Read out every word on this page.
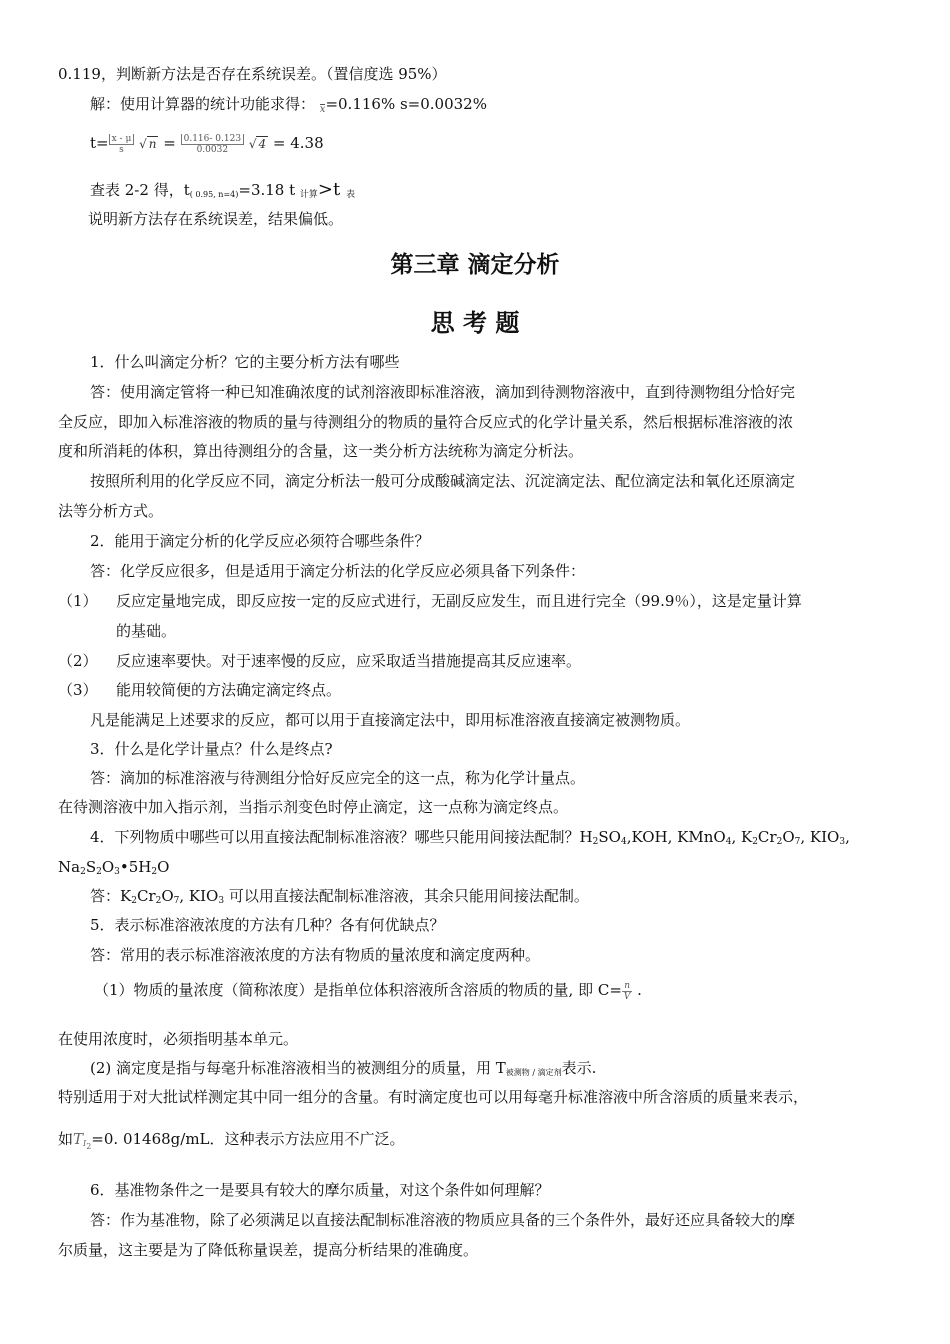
0.119，判断新方法是否存在系统误差。（置信度选 95%）
解：使用计算器的统计功能求得： x=0.116% s=0.0032%
$t= \frac{x - \mu}{s}$ √ $n = \frac{0.116- 0.123}{0.0032}$ √ 4 = 4.38
查表 2-2 得，$t_{( 0.95, n=4)}=3.18$ t $_{计算}$>t $_表$
说明新方法存在系统误差，结果偏低。
第三章 滴定分析
思 考 题
1．什么叫滴定分析？它的主要分析方法有哪些
答：使用滴定管将一种已知准确浓度的试剂溶液即标准溶液，滴加到待测物溶液中，直到待测物组分恰好完
全反应，即加入标准溶液的物质的量与待测组分的物质的量符合反应式的化学计量关系，然后根据标准溶液的浓
度和所消耗的体积，算出待测组分的含量，这一类分析方法统称为滴定分析法。
按照所利用的化学反应不同，滴定分析法一般可分成酸碱滴定法、沉淀滴定法、配位滴定法和氧化还原滴定
法等分析方式。
2．能用于滴定分析的化学反应必须符合哪些条件？
答：化学反应很多，但是适用于滴定分析法的化学反应必须具备下列条件：
（1） 反应定量地完成，即反应按一定的反应式进行，无副反应发生，而且进行完全（99.9％），这是定量计算
的基础。
（2） 反应速率要快。对于速率慢的反应，应采取适当措施提高其反应速率。
（3） 能用较简便的方法确定滴定终点。
凡是能满足上述要求的反应，都可以用于直接滴定法中，即用标准溶液直接滴定被测物质。
3．什么是化学计量点？什么是终点?
答：滴加的标准溶液与待测组分恰好反应完全的这一点，称为化学计量点。
在待测溶液中加入指示剂，当指示剂变色时停止滴定，这一点称为滴定终点。
4．下列物质中哪些可以用直接法配制标准溶液？哪些只能用间接法配制？$H_2SO_4,KOH$, KMnO$_4$, $K_2Cr_2O_7$, $KIO_3$,
$Na_2S_2O_3•5H_2O$
答：$K_2Cr_2O_7$, $KIO_3$ 可以用直接法配制标准溶液，其余只能用间接法配制。
5．表示标准溶液浓度的方法有几种？各有何优缺点？
答：常用的表示标准溶液浓度的方法有物质的量浓度和滴定度两种。
（1）物质的量浓度（简称浓度）是指单位体积溶液所含溶质的物质的量, 即 $C= \frac{n}{V}$ .
在使用浓度时，必须指明基本单元。
(2) 滴定度是指与每毫升标准溶液相当的被测组分的质量，用 $T_{被测物 / 滴定剂}$表示.
特别适用于对大批试样测定其中同一组分的含量。有时滴定度也可以用每毫升标准溶液中所含溶质的质量来表示，
如$T_{I2}=0$. 01468g/mL．这种表示方法应用不广泛。
6．基准物条件之一是要具有较大的摩尔质量，对这个条件如何理解？
答：作为基准物，除了必须满足以直接法配制标准溶液的物质应具备的三个条件外，最好还应具备较大的摩
尔质量，这主要是为了降低称量误差，提高分析结果的准确度。
